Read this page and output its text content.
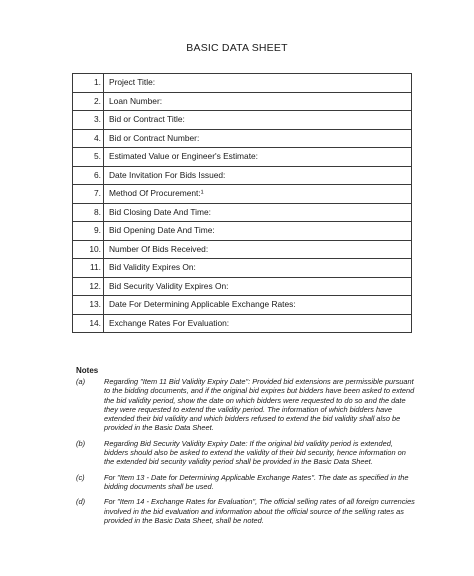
BASIC DATA SHEET
1.	Project Title:
2.	Loan Number:
3.	Bid or Contract Title:
4.	Bid or Contract Number:
5.	Estimated Value or Engineer's Estimate:
6.	Date Invitation For Bids Issued:
7.	Method Of Procurement:¹
8.	Bid Closing Date And Time:
9.	Bid Opening Date And Time:
10.	Number Of Bids Received:
11.	Bid Validity Expires On:
12.	Bid Security Validity Expires On:
13.	Date For Determining Applicable Exchange Rates:
14.	Exchange Rates For Evaluation:
Notes
(a)	Regarding "Item 11 Bid Validity Expiry Date": Provided bid extensions are permissible pursuant to the bidding documents, and if the original bid expires but bidders have been asked to extend the bid validity period, show the date on which bidders were requested to do so and the date they were requested to extend the validity period. The information of which bidders have extended their bid validity and which bidders refused to extend the bid validity shall also be provided in the Basic Data Sheet.
(b)	Regarding Bid Security Validity Expiry Date: If the original bid validity period is extended, bidders should also be asked to extend the validity of their bid security, hence information on the extended bid security validity period shall be provided in the Basic Data Sheet.
(c)	For "Item 13 - Date for Determining Applicable Exchange Rates". The date as specified in the bidding documents shall be used.
(d)	For "Item 14 - Exchange Rates for Evaluation", The official selling rates of all foreign currencies involved in the bid evaluation and information about the official source of the selling rates as provided in the Basic Data Sheet, shall be noted.
